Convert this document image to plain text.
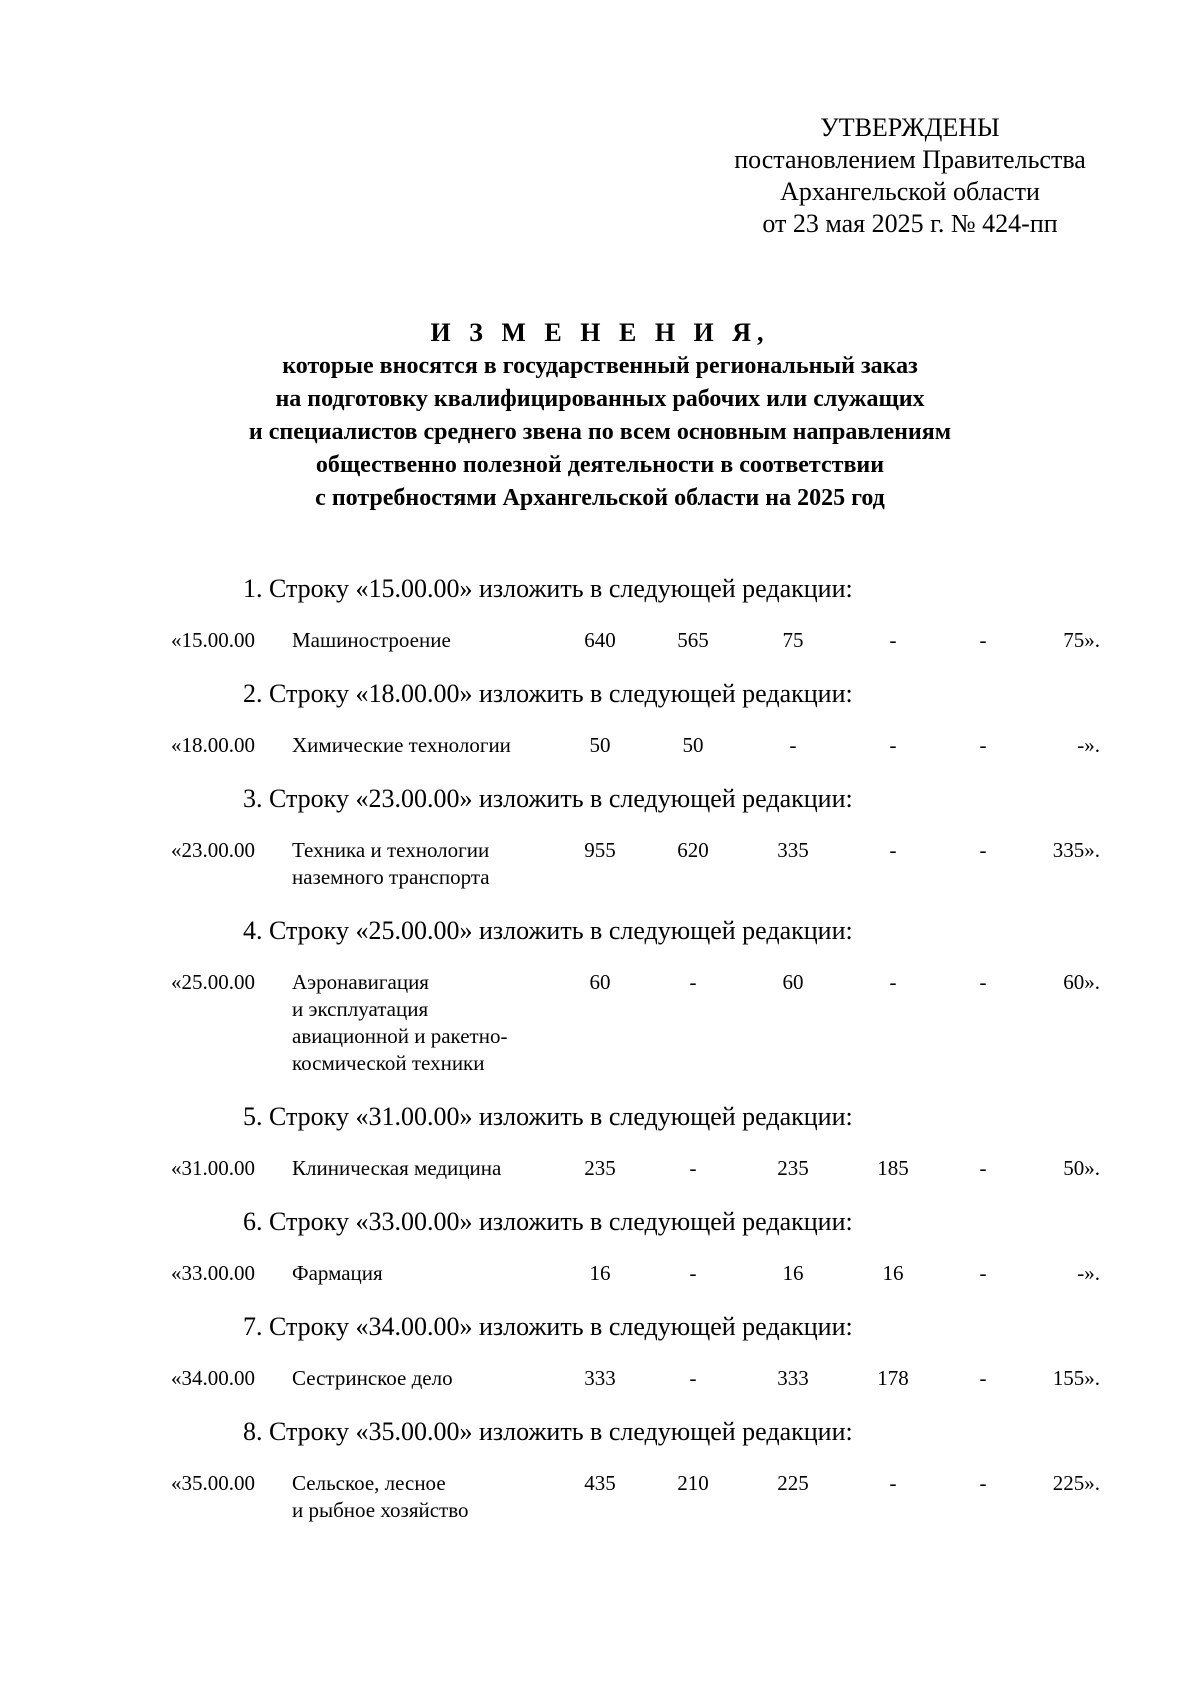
УТВЕРЖДЕНЫ
постановлением Правительства
Архангельской области
от 23 мая 2025 г. № 424-пп
И З М Е Н Е Н И Я,
которые вносятся в государственный региональный заказ
на подготовку квалифицированных рабочих или служащих
и специалистов среднего звена по всем основным направлениям
общественно полезной деятельности в соответствии
с потребностями Архангельской области на 2025 год
1. Строку «15.00.00» изложить в следующей редакции:
«15.00.00 Машиностроение	640	565	75	-	-	75».
2. Строку «18.00.00» изложить в следующей редакции:
«18.00.00 Химические технологии	50	50	-	-	-	-».
3. Строку «23.00.00» изложить в следующей редакции:
«23.00.00 Техника и технологии
наземного транспорта
955	620	335	-	-	335».
4. Строку «25.00.00» изложить в следующей редакции:
«25.00.00 Аэронавигация
и эксплуатация
авиационной и ракетно-
космической техники
60	-	60	-	-	60».
5. Строку «31.00.00» изложить в следующей редакции:
«31.00.00 Клиническая медицина	235	-	235	185	-	50».
6. Строку «33.00.00» изложить в следующей редакции:
«33.00.00 Фармация	16	-	16	16	-	-».
7. Строку «34.00.00» изложить в следующей редакции:
«34.00.00 Сестринское дело	333	-	333	178	-	155».
8. Строку «35.00.00» изложить в следующей редакции:
«35.00.00 Сельское, лесное
и рыбное хозяйство
435	210	225	-	-	225».
